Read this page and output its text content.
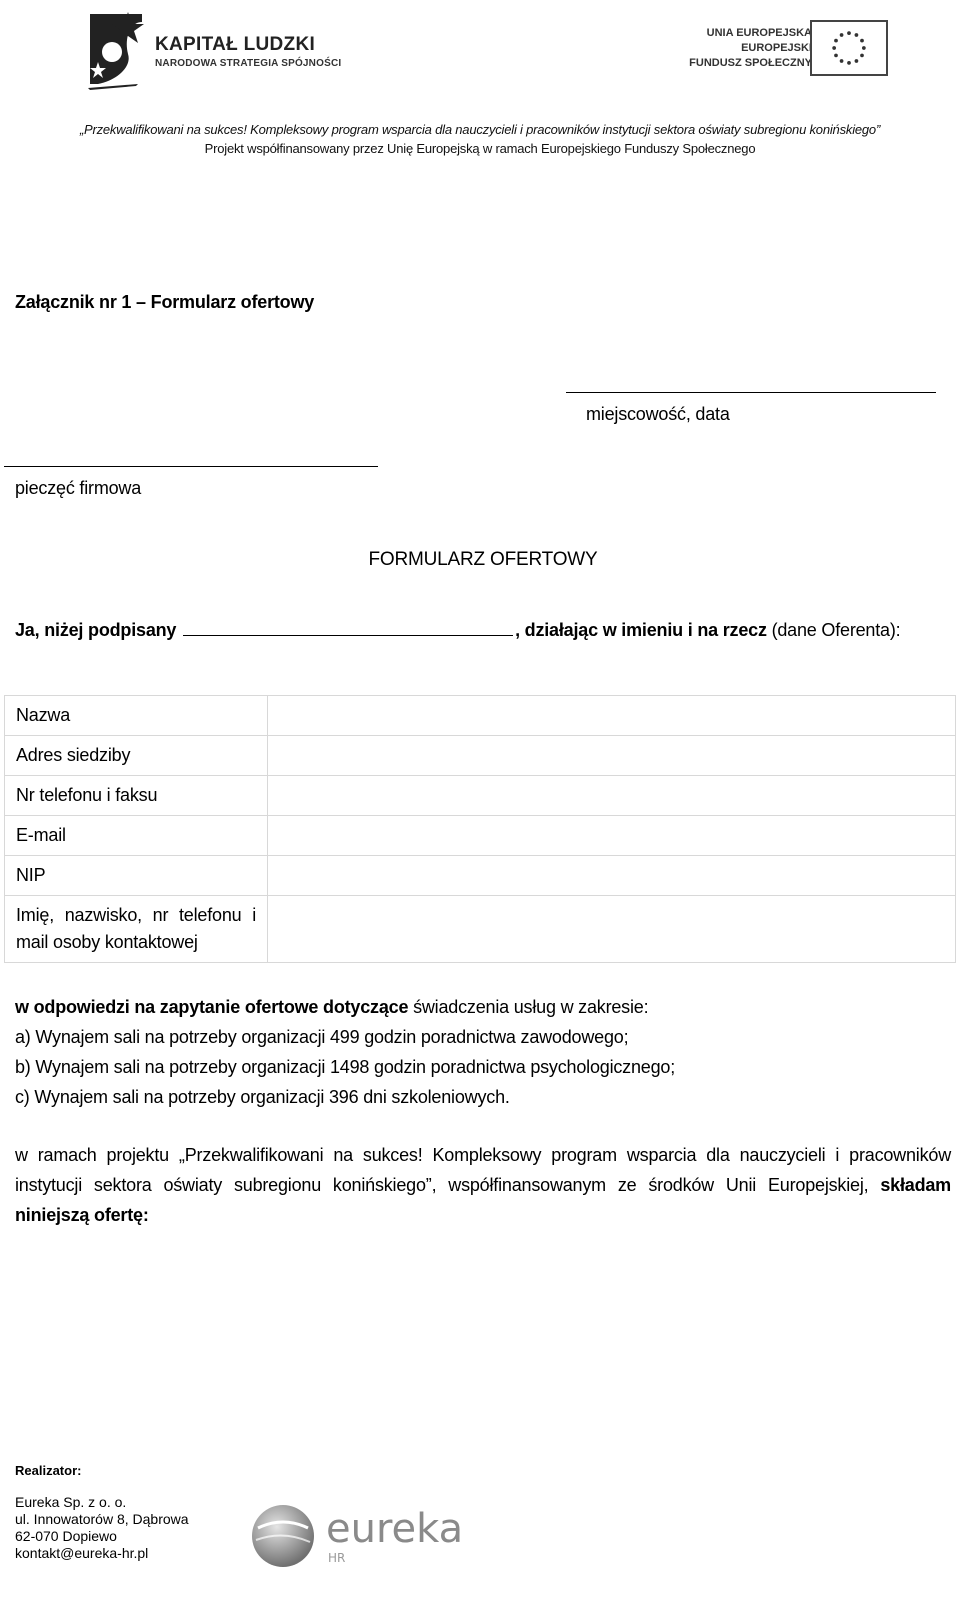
KAPITAŁ LUDZKI
NARODOWA STRATEGIA SPÓJNOŚCI
UNIA EUROPEJSKA
EUROPEJSKI
FUNDUSZ SPOŁECZNY
„Przekwalifikowani na sukces! Kompleksowy program wsparcia dla nauczycieli i pracowników instytucji sektora oświaty subregionu konińskiego”
Projekt współfinansowany przez Unię Europejską w ramach Europejskiego Funduszy Społecznego
Załącznik nr 1 – Formularz ofertowy
miejscowość, data
pieczęć firmowa
FORMULARZ OFERTOWY
Ja, niżej podpisany	, działając w imieniu i na rzecz (dane Oferenta):
Nazwa	
Adres siedziby	
Nr telefonu i faksu	
E-mail	
NIP	

Imię, nazwisko, nr telefonu i
mail osoby kontaktowej	

w odpowiedzi na zapytanie ofertowe dotyczące świadczenia usług w zakresie:

a) Wynajem sali na potrzeby organizacji 499 godzin poradnictwa zawodowego;

b) Wynajem sali na potrzeby organizacji 1498 godzin poradnictwa psychologicznego;

c) Wynajem sali na potrzeby organizacji 396 dni szkoleniowych.

w ramach projektu „Przekwalifikowani na sukces! Kompleksowy program wsparcia dla nauczycieli i pracowników instytucji sektora oświaty subregionu konińskiego”, współfinansowanym ze środków Unii Europejskiej, składam niniejszą ofertę:
Realizator:
Eureka Sp. z o. o.
ul. Innowatorów 8, Dąbrowa
62-070 Dopiewo
kontakt@eureka-hr.pl
eureka
HR
